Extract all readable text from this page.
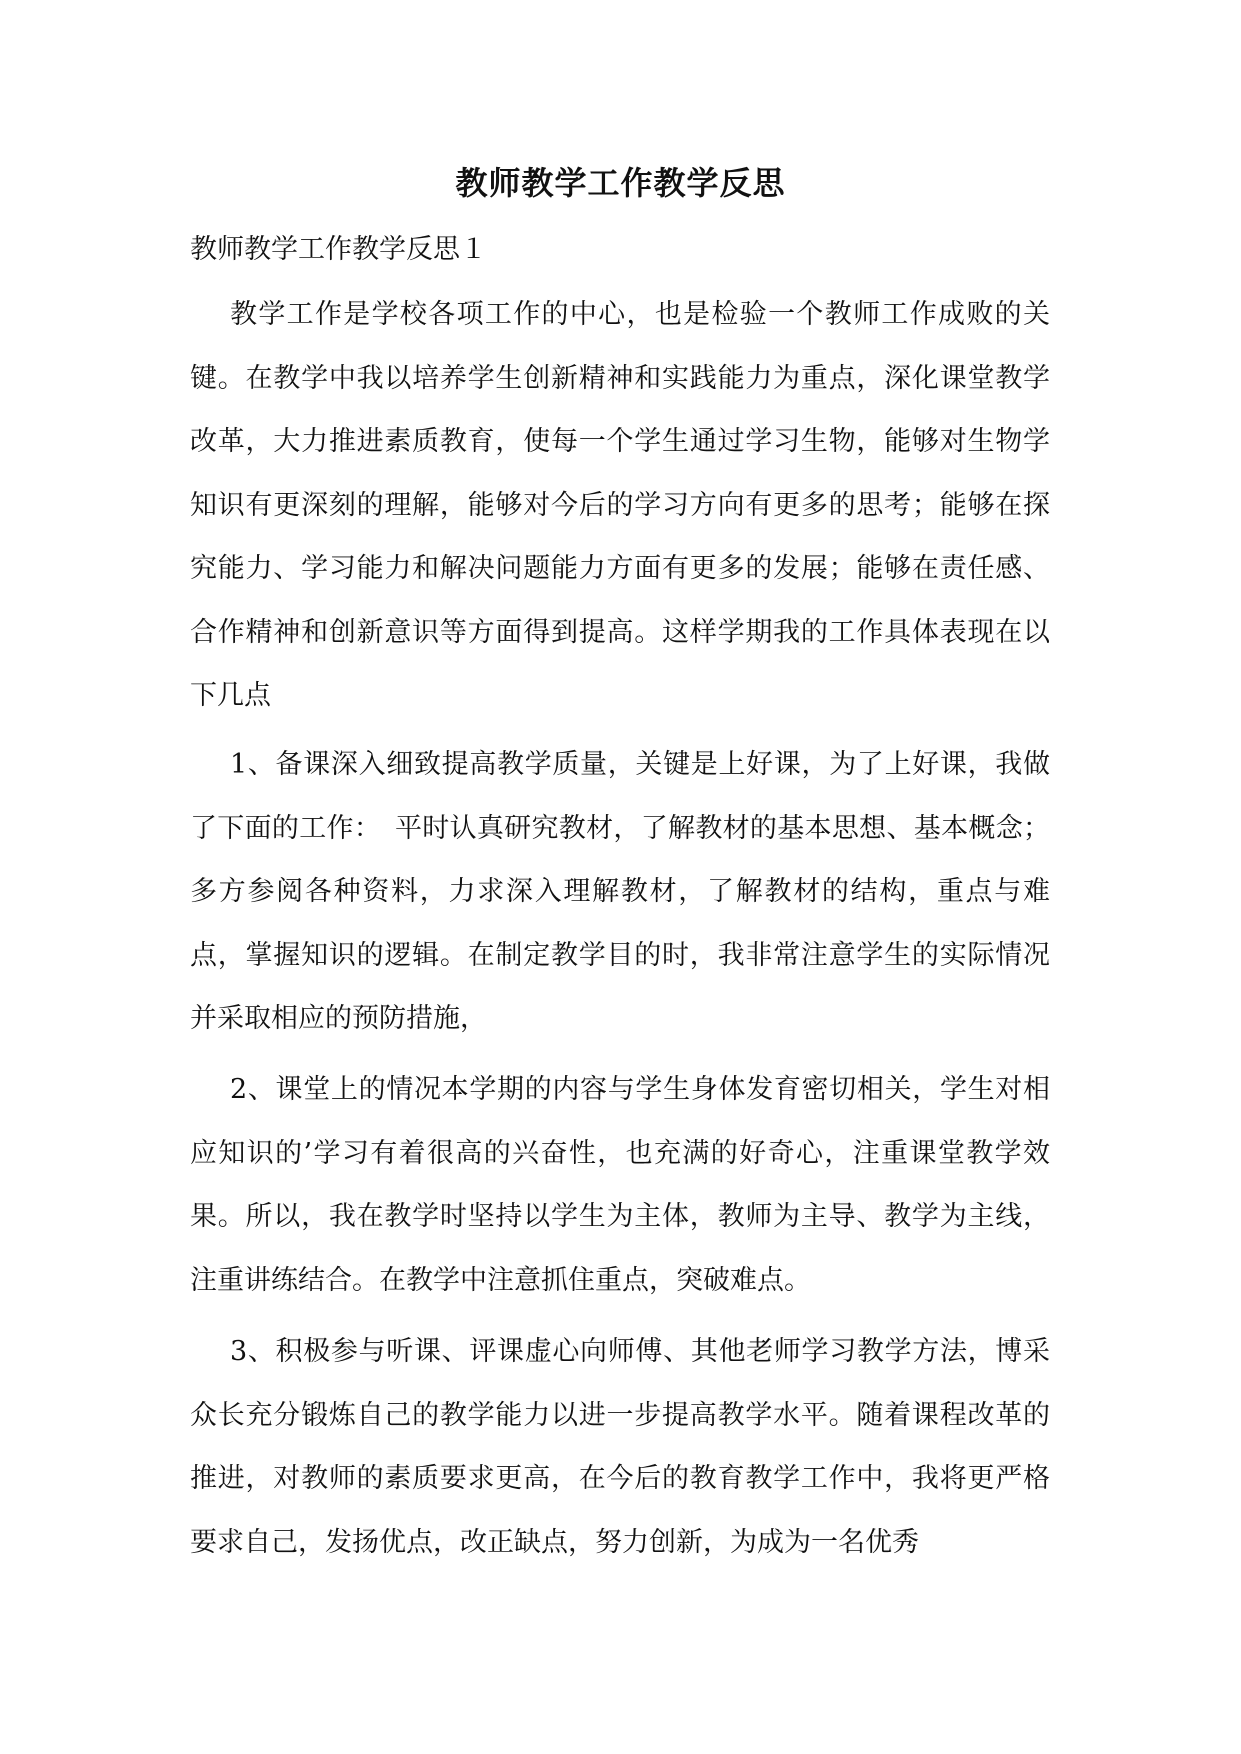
教师教学工作教学反思
教师教学工作教学反思１

教学工作是学校各项工作的中心，也是检验一个教师工作成败的关键。在教学中我以培养学生创新精神和实践能力为重点，深化课堂教学改革，大力推进素质教育，使每一个学生通过学习生物，能够对生物学知识有更深刻的理解，能够对今后的学习方向有更多的思考；能够在探究能力、学习能力和解决问题能力方面有更多的发展；能够在责任感、合作精神和创新意识等方面得到提高。这样学期我的工作具体表现在以下几点

1、备课深入细致提高教学质量，关键是上好课，为了上好课，我做了下面的工作：　平时认真研究教材，了解教材的基本思想、基本概念；多方参阅各种资料，力求深入理解教材，了解教材的结构，重点与难点，掌握知识的逻辑。在制定教学目的时，我非常注意学生的实际情况并采取相应的预防措施，

2、课堂上的情况本学期的内容与学生身体发育密切相关，学生对相应知识的’学习有着很高的兴奋性，也充满的好奇心，注重课堂教学效果。所以，我在教学时坚持以学生为主体，教师为主导、教学为主线，注重讲练结合。在教学中注意抓住重点，突破难点。

3、积极参与听课、评课虚心向师傅、其他老师学习教学方法，博采众长充分锻炼自己的教学能力以进一步提高教学水平。随着课程改革的推进，对教师的素质要求更高，在今后的教育教学工作中，我将更严格要求自己，发扬优点，改正缺点，努力创新，为成为一名优秀
